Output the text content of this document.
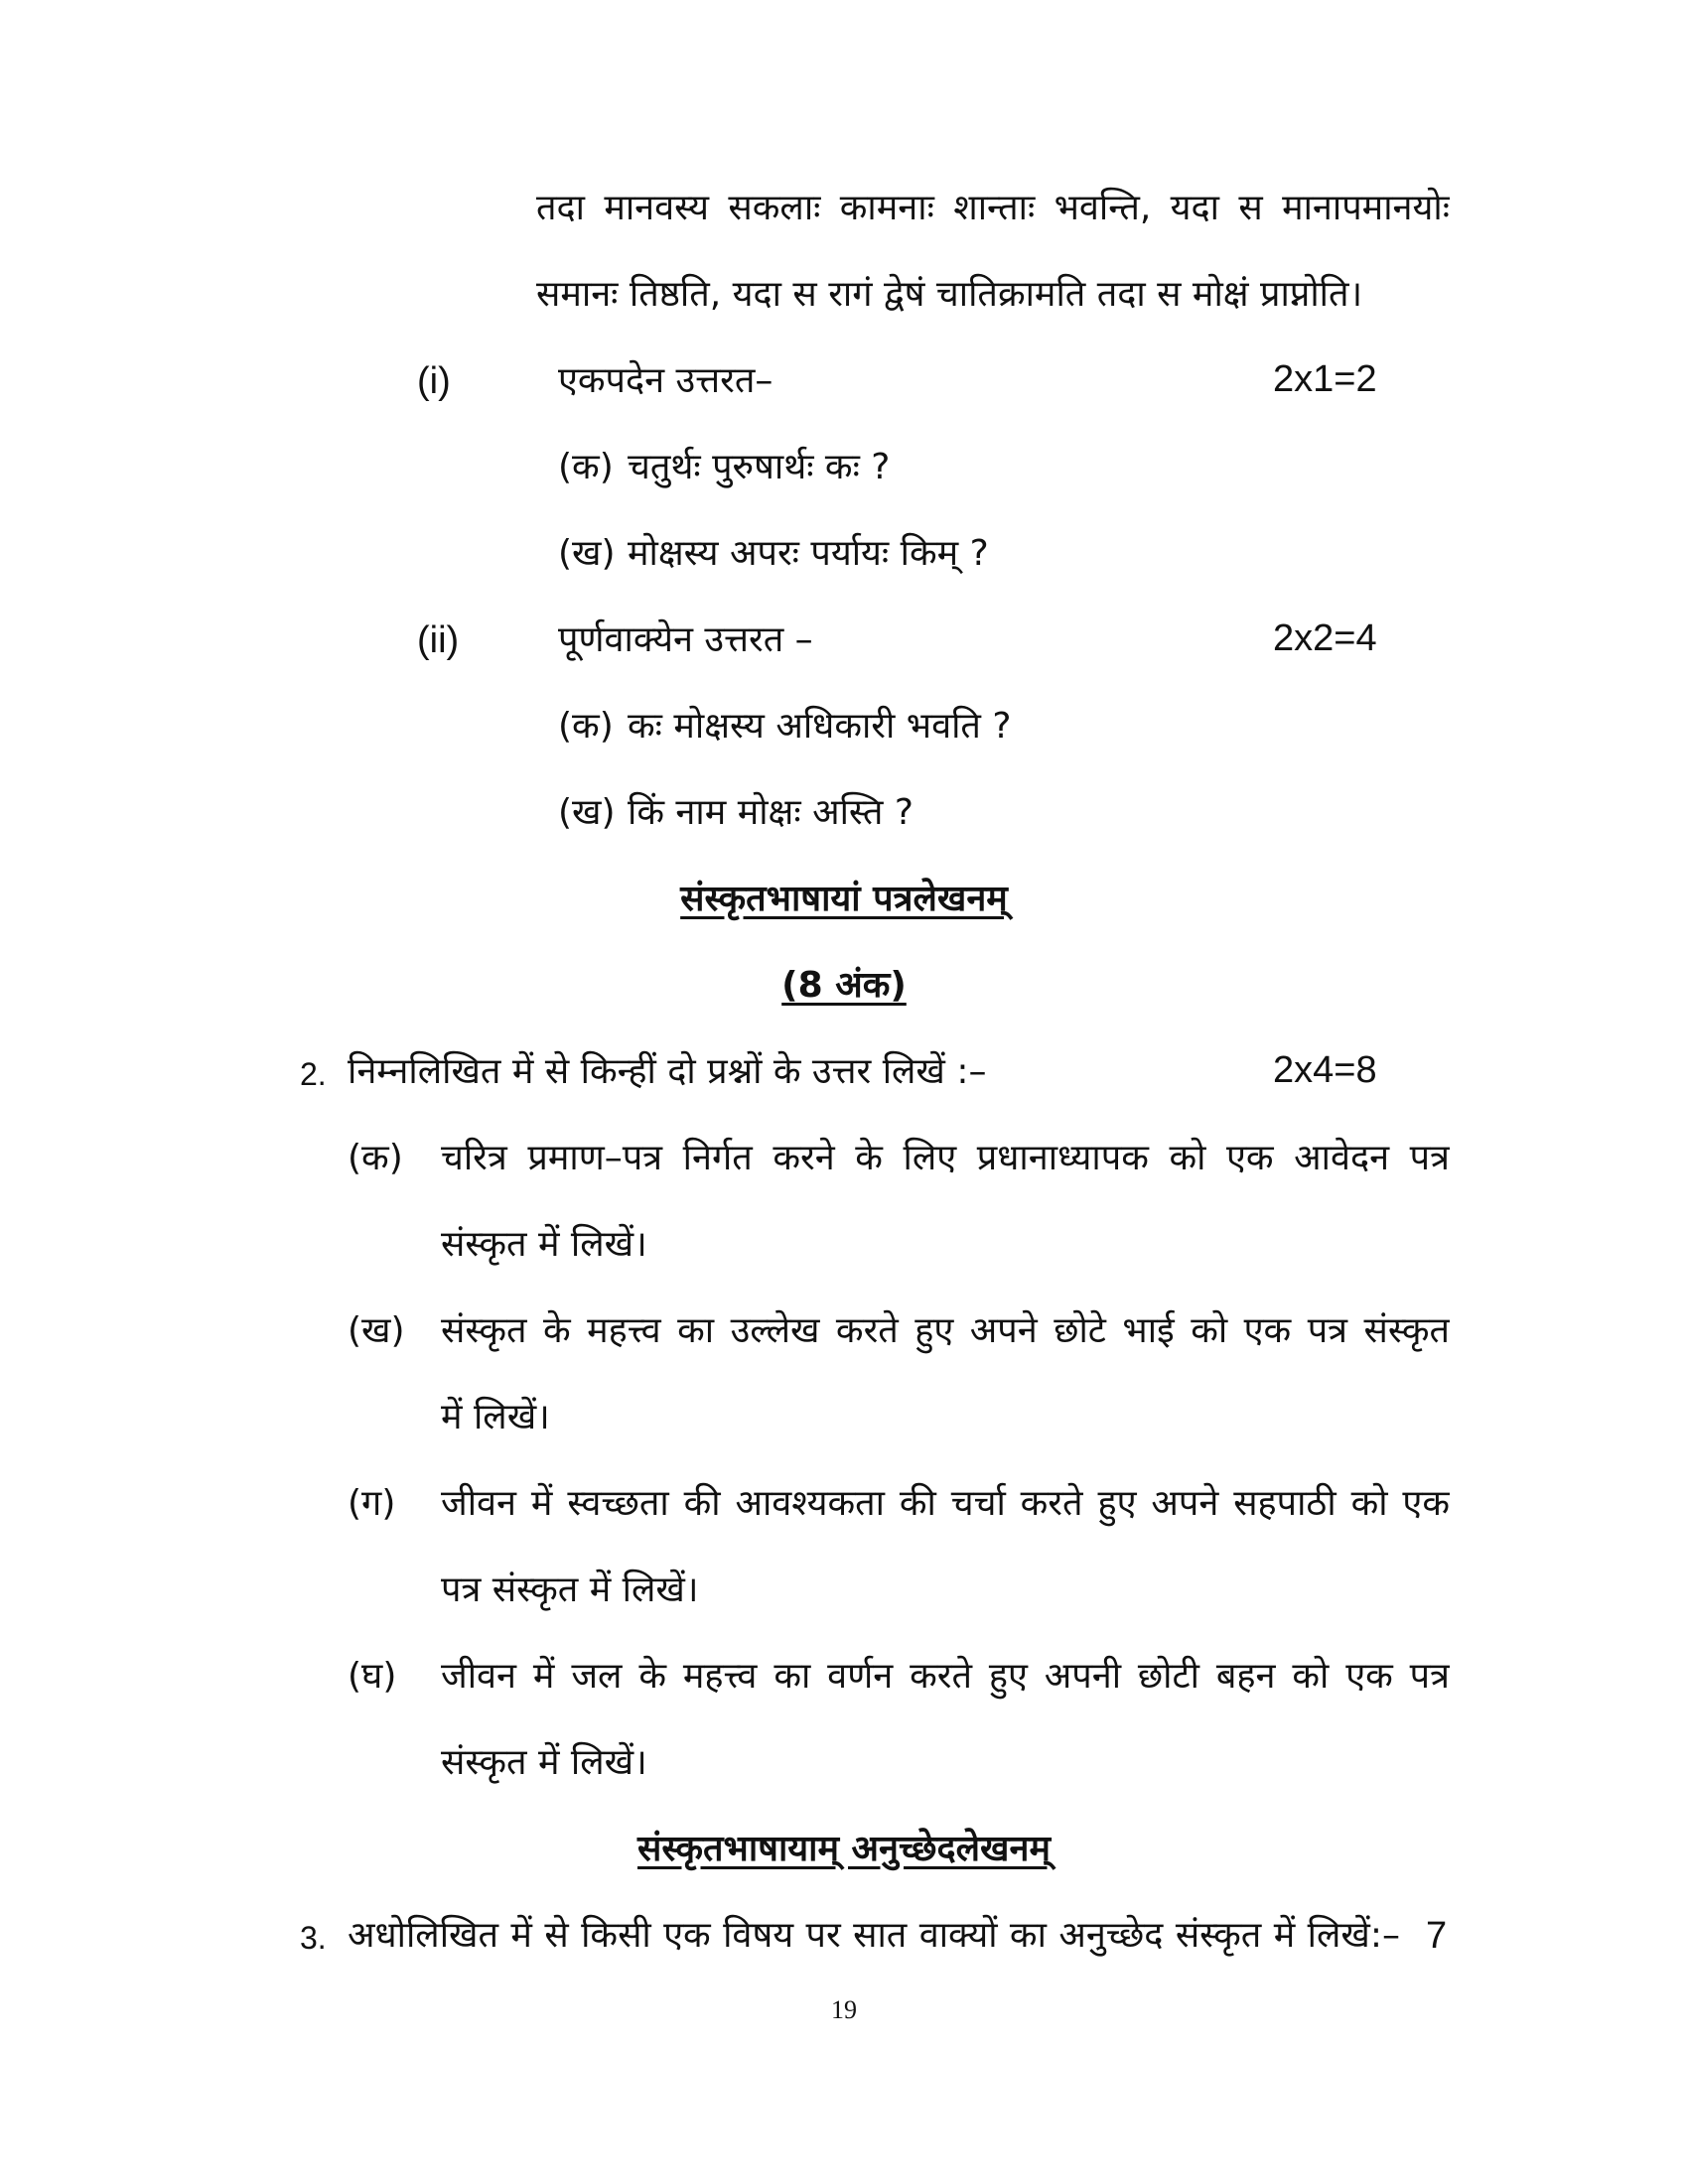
तदा मानवस्य सकलाः कामनाः शान्ताः भवन्ति, यदा स मानापमानयोः
समानः तिष्ठति, यदा स रागं द्वेषं चातिक्रामति तदा स मोक्षं प्राप्नोति।
(i)	एकपदेन उत्तरत–	2x1=2
(क) चतुर्थः पुरुषार्थः कः ?
(ख) मोक्षस्य अपरः पर्यायः किम् ?
(ii)	पूर्णवाक्येन उत्तरत –	2x2=4
(क) कः मोक्षस्य अधिकारी भवति ?
(ख) किं नाम मोक्षः अस्ति ?
संस्कृतभाषायां पत्रलेखनम्
(8 अंक)
2. निम्नलिखित में से किन्हीं दो प्रश्नों के उत्तर लिखें :–	2x4=8
(क) चरित्र प्रमाण–पत्र निर्गत करने के लिए प्रधानाध्यापक को एक आवेदन पत्र
संस्कृत में लिखें।
(ख) संस्कृत के महत्त्व का उल्लेख करते हुए अपने छोटे भाई को एक पत्र संस्कृत
में लिखें।
(ग) जीवन में स्वच्छता की आवश्यकता की चर्चा करते हुए अपने सहपाठी को एक
पत्र संस्कृत में लिखें।
(घ) जीवन में जल के महत्त्व का वर्णन करते हुए अपनी छोटी बहन को एक पत्र
संस्कृत में लिखें।
संस्कृतभाषायाम् अनुच्छेदलेखनम्
3. अधोलिखित में से किसी एक विषय पर सात वाक्यों का अनुच्छेद संस्कृत में लिखें:– 7
19
